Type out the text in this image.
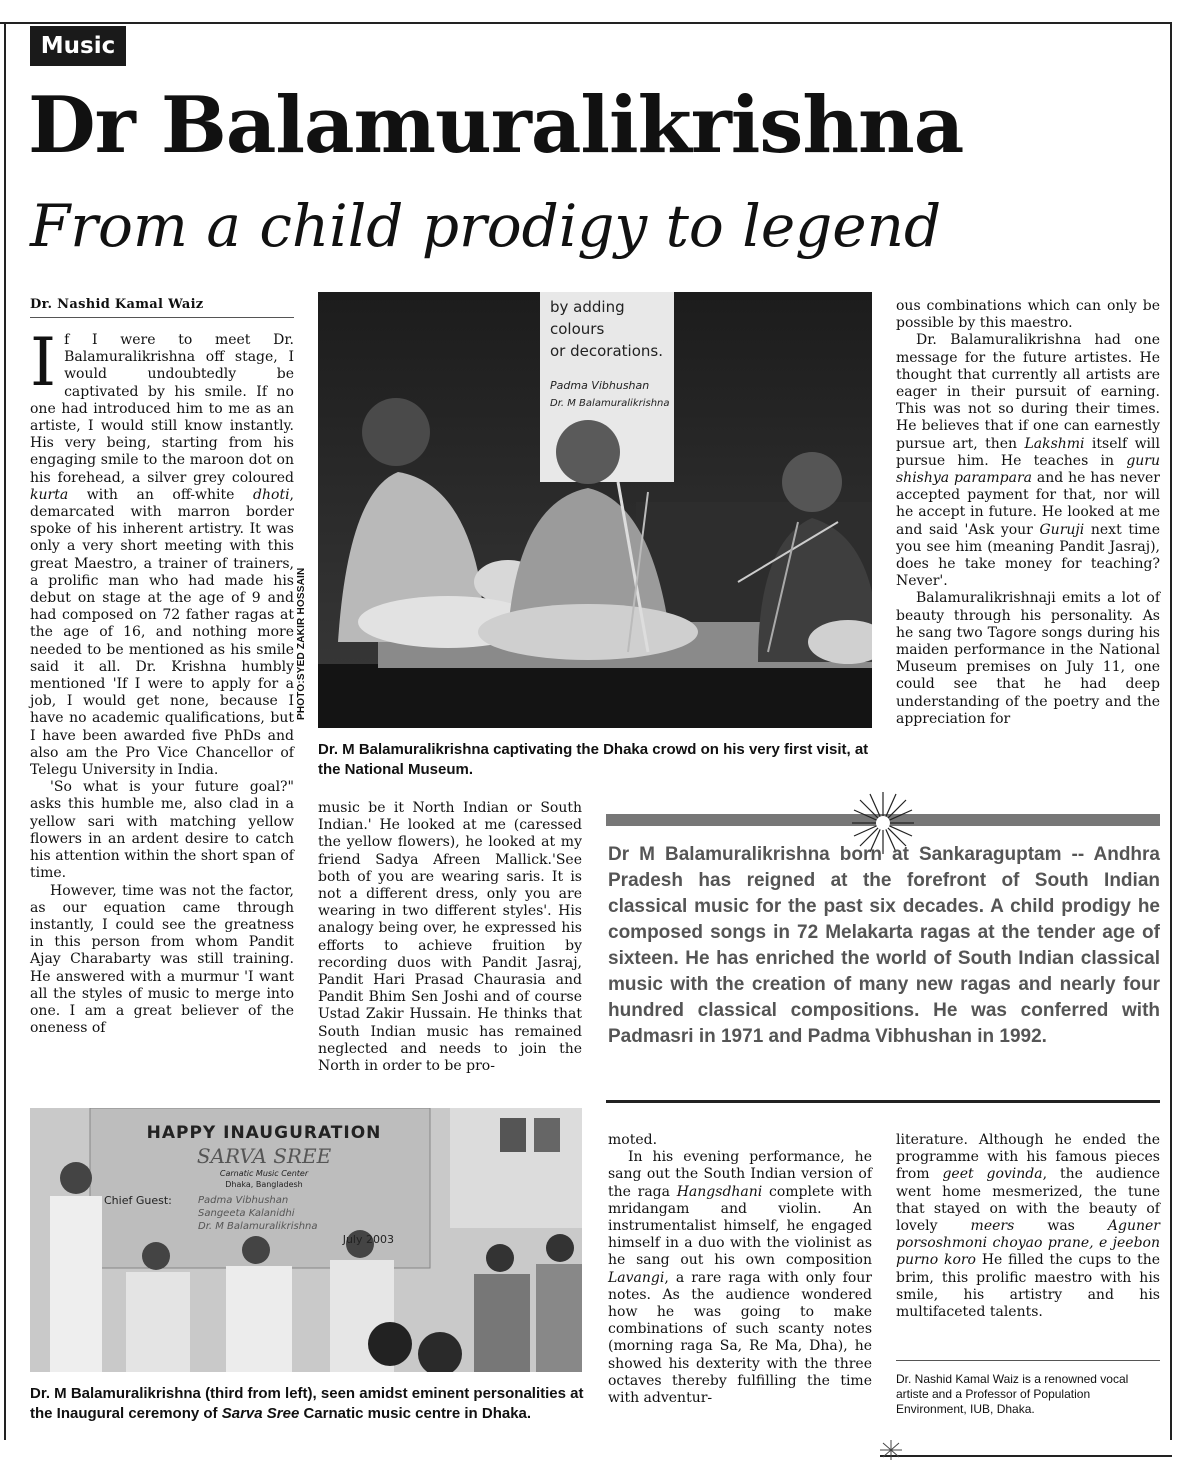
Music
Dr Balamuralikrishna
From a child prodigy to legend
Dr. Nashid Kamal Waiz

If I were to meet Dr. Balamuralikrishna off stage, I would undoubtedly be captivated by his smile. If no one had introduced him to me as an artiste, I would still know instantly. His very being, starting from his engaging smile to the maroon dot on his forehead, a silver grey coloured kurta with an off-white dhoti, demarcated with marron border spoke of his inherent artistry. It was only a very short meeting with this great Maestro, a trainer of trainers, a prolific man who had made his debut on stage at the age of 9 and had composed on 72 father ragas at the age of 16, and nothing more needed to be mentioned as his smile said it all. Dr. Krishna humbly mentioned 'If I were to apply for a job, I would get none, because I have no academic qualifications, but I have been awarded five PhDs and also am the Pro Vice Chancellor of Telegu University in India.

'So what is your future goal?" asks this humble me, also clad in a yellow sari with matching yellow flowers in an ardent desire to catch his attention within the short span of time.

However, time was not the factor, as our equation came through instantly, I could see the greatness in this person from whom Pandit Ajay Charabarty was still training. He answered with a murmur 'I want all the styles of music to merge into one. I am a great believer of the oneness of

by adding colours
or decorations.
Padma Vibhushan
Dr. M Balamuralikrishna
PHOTO:SYED ZAKIR HOSSAIN
Dr. M Balamuralikrishna captivating the Dhaka crowd on his very first visit, at the National Museum.

ous combinations which can only be possible by this maestro.

Dr. Balamuralikrishna had one message for the future artistes. He thought that currently all artists are eager in their pursuit of earning. This was not so during their times. He believes that if one can earnestly pursue art, then Lakshmi itself will pursue him. He teaches in guru shishya parampara and he has never accepted payment for that, nor will he accept in future. He looked at me and said 'Ask your Guruji next time you see him (meaning Pandit Jasraj), does he take money for teaching? Never'.

Balamuralikrishnaji emits a lot of beauty through his personality. As he sang two Tagore songs during his maiden performance in the National Museum premises on July 11, one could see that he had deep understanding of the poetry and the appreciation for

music be it North Indian or South Indian.' He looked at me (caressed the yellow flowers), he looked at my friend Sadya Afreen Mallick.'See both of you are wearing saris. It is not a different dress, only you are wearing in two different styles'. His analogy being over, he expressed his efforts to achieve fruition by recording duos with Pandit Jasraj, Pandit Hari Prasad Chaurasia and Pandit Bhim Sen Joshi and of course Ustad Zakir Hussain. He thinks that South Indian music has remained neglected and needs to join the North in order to be pro-

Dr M Balamuralikrishna born at Sankaraguptam -- Andhra Pradesh has reigned at the forefront of South Indian classical music for the past six decades. A child prodigy he composed songs in 72 Melakarta ragas at the tender age of sixteen. He has enriched the world of South Indian classical music with the creation of many new ragas and nearly four hundred classical compositions. He was conferred with Padmasri in 1971 and Padma Vibhushan in 1992.

HAPPY INAUGURATION
SARVA SREE
Carnatic Music Center
Dhaka, Bangladesh
Chief Guest:	Padma Vibhushan
Sangeeta Kalanidhi
Dr. M Balamuralikrishna
July 2003
Dr. M Balamuralikrishna (third from left), seen amidst eminent personalities at the Inaugural ceremony of Sarva Sree Carnatic music centre in Dhaka.

moted.

In his evening performance, he sang out the South Indian version of the raga Hangsdhani complete with mridangam and violin. An instrumentalist himself, he engaged himself in a duo with the violinist as he sang out his own composition Lavangi, a rare raga with only four notes. As the audience wondered how he was going to make combinations of such scanty notes (morning raga Sa, Re Ma, Dha), he showed his dexterity with the three octaves thereby fulfilling the time with adventur-

literature. Although he ended the programme with his famous pieces from geet govinda, the audience went home mesmerized, the tune that stayed on with the beauty of lovely meers was Aguner porsoshmoni choyao prane, e jeebon purno koro He filled the cups to the brim, this prolific maestro with his smile, his artistry and his multifaceted talents.

Dr. Nashid Kamal Waiz is a renowned vocal artiste and a Professor of Population Environment, IUB, Dhaka.
